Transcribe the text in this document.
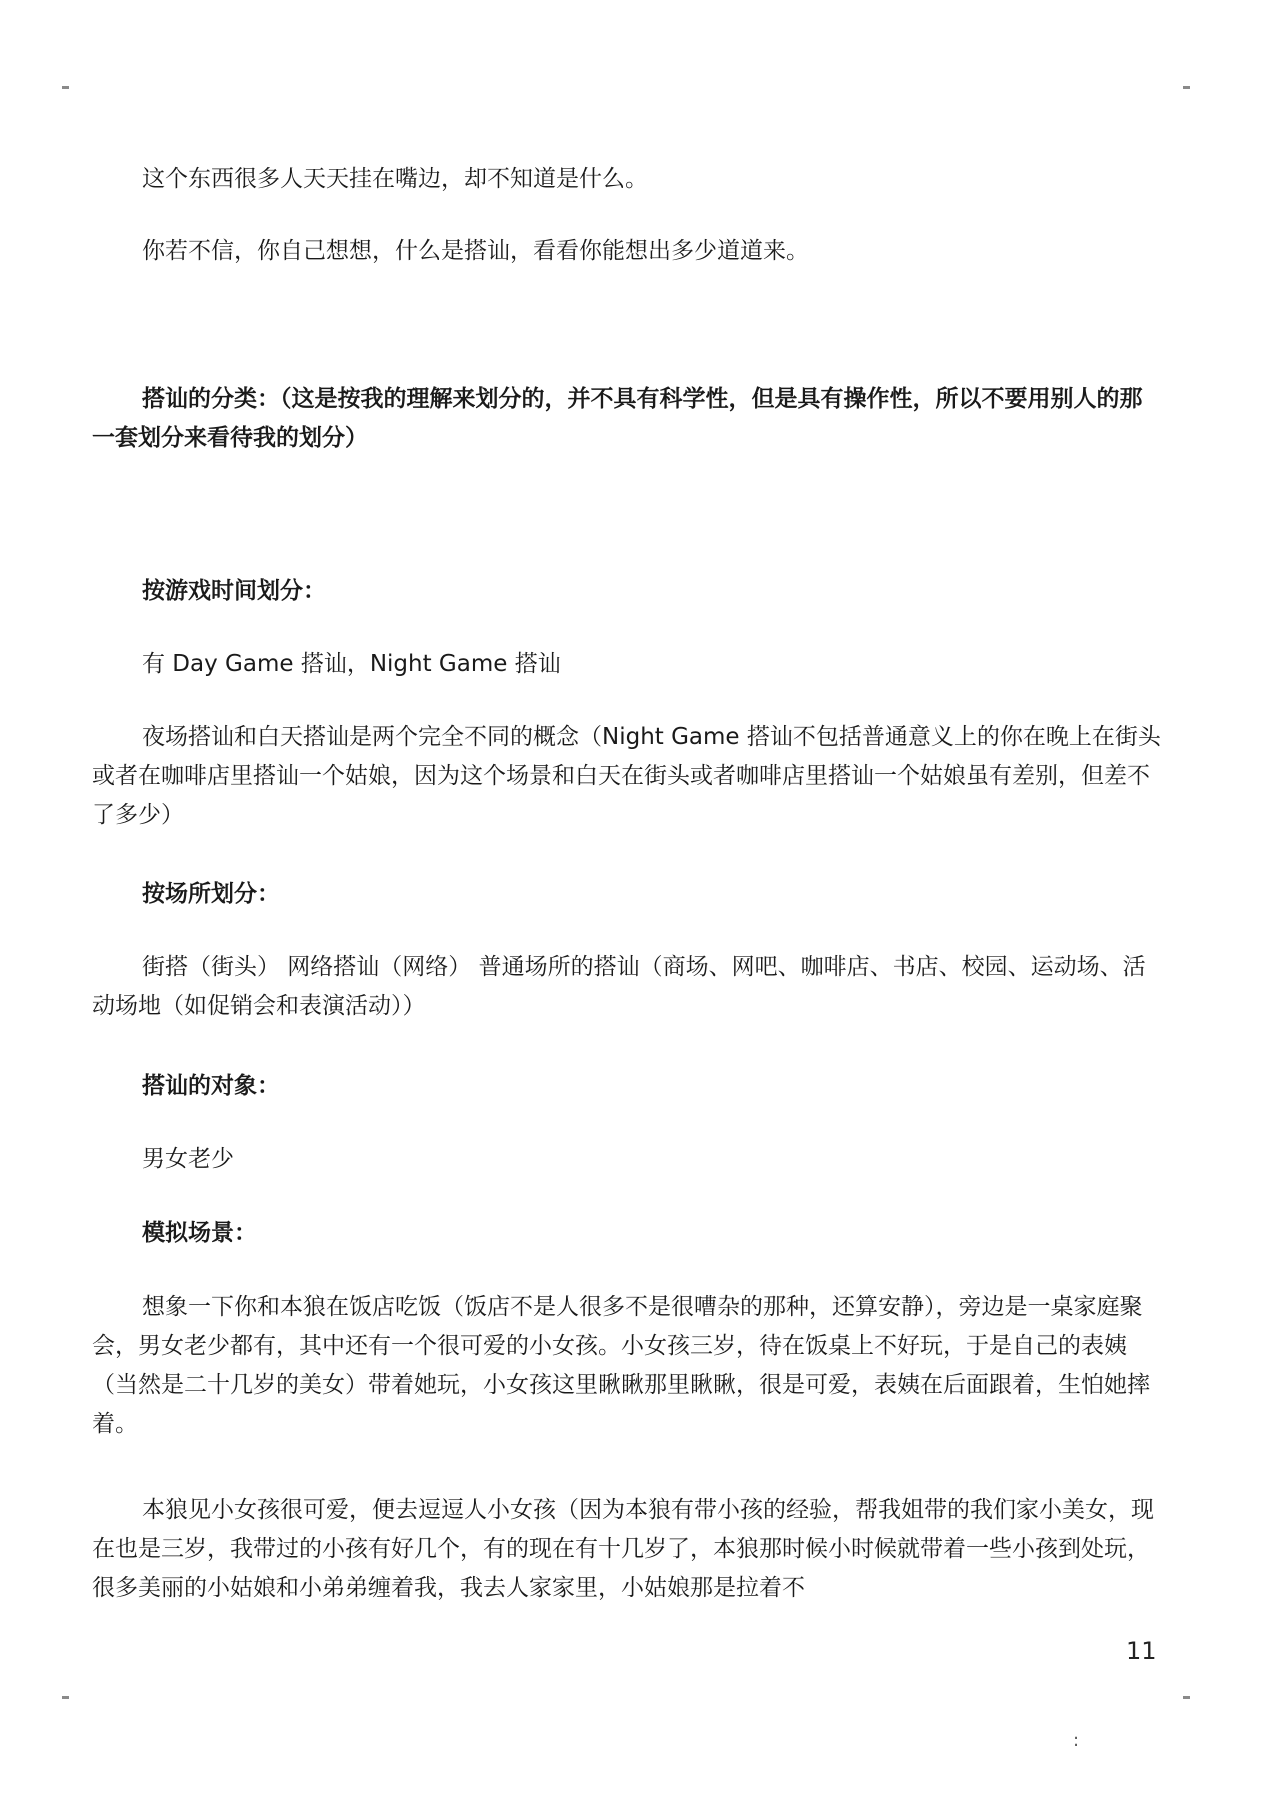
这个东西很多人天天挂在嘴边，却不知道是什么。

你若不信，你自己想想，什么是搭讪，看看你能想出多少道道来。

搭讪的分类：（这是按我的理解来划分的，并不具有科学性，但是具有操作性，所以不要用别人的那一套划分来看待我的划分）

按游戏时间划分：

有 Day Game 搭讪，Night Game 搭讪

夜场搭讪和白天搭讪是两个完全不同的概念（Night Game 搭讪不包括普通意义上的你在晚上在街头或者在咖啡店里搭讪一个姑娘，因为这个场景和白天在街头或者咖啡店里搭讪一个姑娘虽有差别，但差不了多少）

按场所划分：

街搭（街头） 网络搭讪（网络） 普通场所的搭讪（商场、网吧、咖啡店、书店、校园、运动场、活动场地（如促销会和表演活动））

搭讪的对象：

男女老少

模拟场景：

想象一下你和本狼在饭店吃饭（饭店不是人很多不是很嘈杂的那种，还算安静），旁边是一桌家庭聚会，男女老少都有，其中还有一个很可爱的小女孩。小女孩三岁，待在饭桌上不好玩，于是自己的表姨（当然是二十几岁的美女）带着她玩，小女孩这里瞅瞅那里瞅瞅，很是可爱，表姨在后面跟着，生怕她摔着。

本狼见小女孩很可爱，便去逗逗人小女孩（因为本狼有带小孩的经验，帮我姐带的我们家小美女，现在也是三岁，我带过的小孩有好几个，有的现在有十几岁了，本狼那时候小时候就带着一些小孩到处玩，很多美丽的小姑娘和小弟弟缠着我，我去人家家里，小姑娘那是拉着不

11
:
